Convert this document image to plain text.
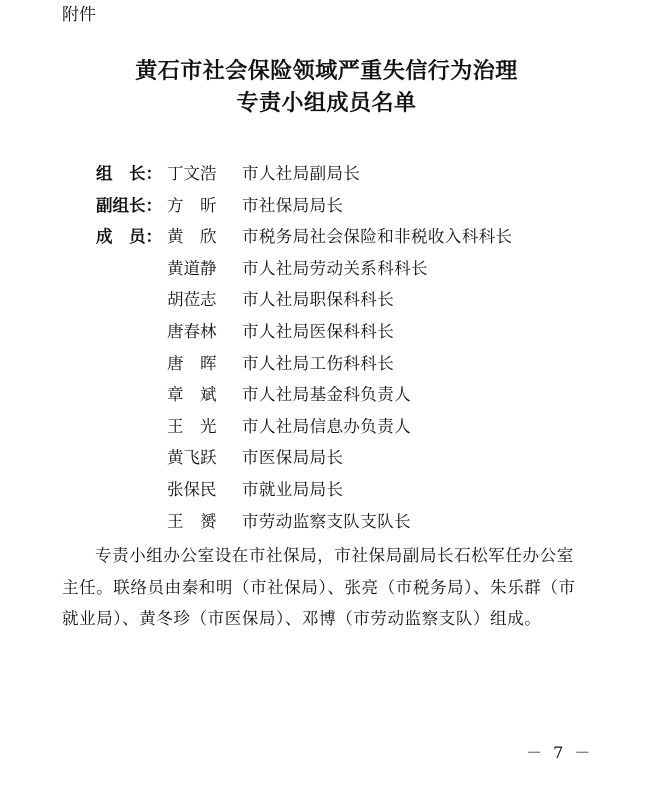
附件
黄石市社会保险领域严重失信行为治理
专责小组成员名单
组　长： 丁文浩	市人社局副局长
副组长： 方　昕	市社保局局长
成　员： 黄　欣	市税务局社会保险和非税收入科科长
黄道静	市人社局劳动关系科科长
胡莅志	市人社局职保科科长
唐春林	市人社局医保科科长
唐　晖	市人社局工伤科科长
章　斌	市人社局基金科负责人
王　光	市人社局信息办负责人
黄飞跃	市医保局局长
张保民	市就业局局长
王　赟	市劳动监察支队支队长
专责小组办公室设在市社保局，市社保局副局长石松军任办公室主任。联络员由秦和明（市社保局）、张亮（市税务局）、朱乐群（市就业局）、黄冬珍（市医保局）、邓博（市劳动监察支队）组成。
－ 7 －
